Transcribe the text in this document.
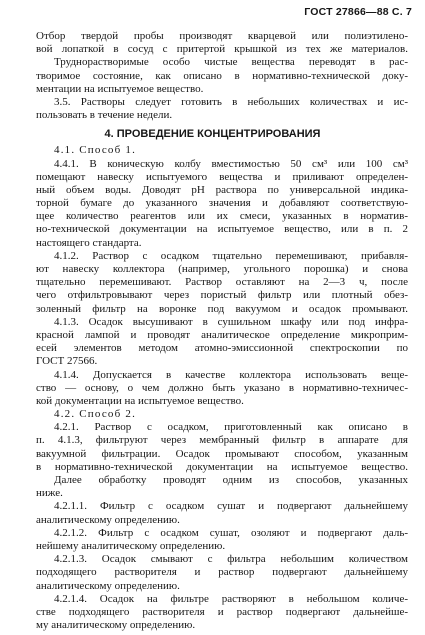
ГОСТ 27866—88 С. 7
Отбор твердой пробы производят кварцевой или полиэтилено-
вой лопаткой в сосуд с притертой крышкой из тех же материалов.
Труднорастворимые особо чистые вещества переводят в рас-
творимое состояние, как описано в нормативно-технической доку-
ментации на испытуемое вещество.
3.5. Растворы следует готовить в небольших количествах и ис-
пользовать в течение недели.
4. ПРОВЕДЕНИЕ КОНЦЕНТРИРОВАНИЯ
4.1. Способ 1.
4.4.1. В коническую колбу вместимостью 50 см³ или 100 см³
помещают навеску испытуемого вещества и приливают определен-
ный объем воды. Доводят pH раствора по универсальной индика-
торной бумаге до указанного значения и добавляют соответствую-
щее количество реагентов или их смеси, указанных в норматив-
но-технической документации на испытуемое вещество, или в п. 2
настоящего стандарта.
4.1.2. Раствор с осадком тщательно перемешивают, прибавля-
ют навеску коллектора (например, угольного порошка) и снова
тщательно перемешивают. Раствор оставляют на 2—3 ч, после
чего отфильтровывают через пористый фильтр или плотный обез-
золенный фильтр на воронке под вакуумом и осадок промывают.
4.1.3. Осадок высушивают в сушильном шкафу или под инфра-
красной лампой и проводят аналитическое определение микроприм-
есей элементов методом атомно-эмиссионной спектроскопии по
ГОСТ 27566.
4.1.4. Допускается в качестве коллектора использовать веще-
ство — основу, о чем должно быть указано в нормативно-техничес-
кой документации на испытуемое вещество.
4.2. Способ 2.
4.2.1. Раствор с осадком, приготовленный как описано в
п. 4.1.3, фильтруют через мембранный фильтр в аппарате для
вакуумной фильтрации. Осадок промывают способом, указанным
в нормативно-технической документации на испытуемое вещество.
Далее обработку проводят одним из способов, указанных
ниже.
4.2.1.1. Фильтр с осадком сушат и подвергают дальнейшему
аналитическому определению.
4.2.1.2. Фильтр с осадком сушат, озоляют и подвергают даль-
нейшему аналитическому определению.
4.2.1.3. Осадок смывают с фильтра небольшим количеством
подходящего растворителя и раствор подвергают дальнейшему
аналитическому определению.
4.2.1.4. Осадок на фильтре растворяют в небольшом количе-
стве подходящего растворителя и раствор подвергают дальнейше-
му аналитическому определению.
